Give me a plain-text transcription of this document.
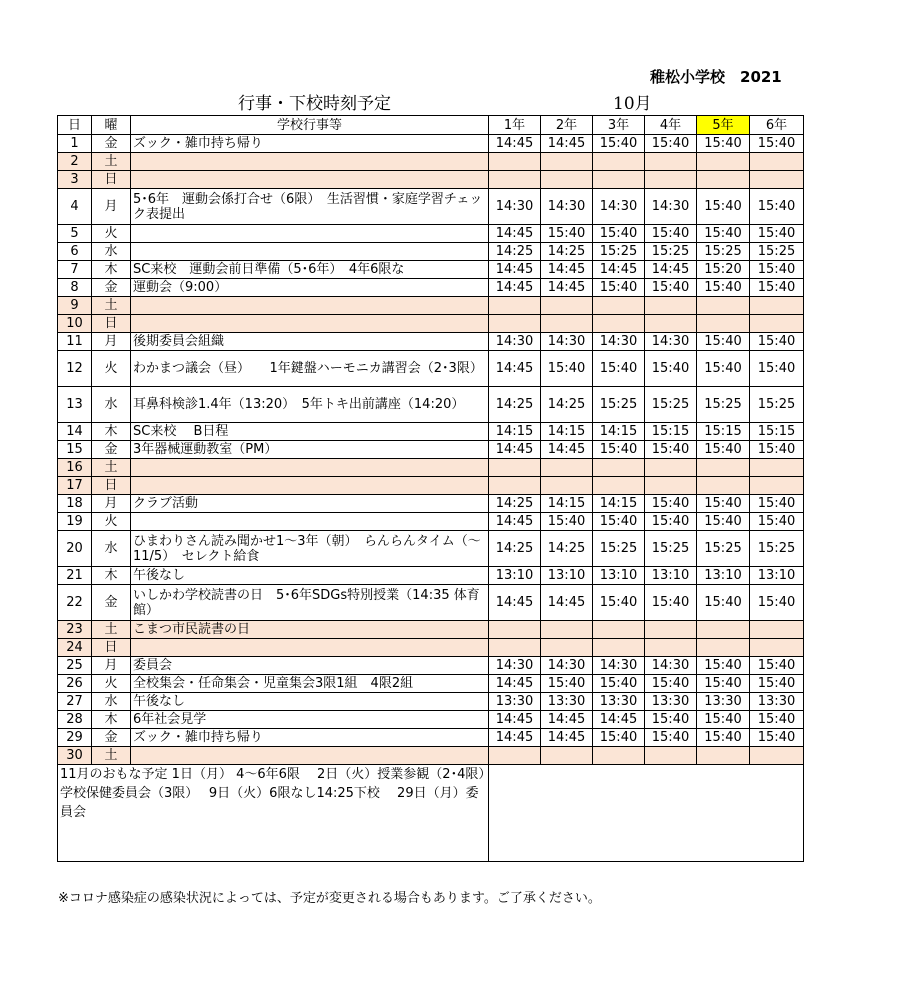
稚松小学校　2021
行事・下校時刻予定	10月
日	曜	学校行事等	1年	2年	3年	4年	5年	6年
1	金	ズック・雑巾持ち帰り	14:45	14:45	15:40	15:40	15:40	15:40
2	土							
3	日							
4	月	5･6年　運動会係打合せ（6限）　生活習慣・家庭学習チェック表提出	14:30	14:30	14:30	14:30	15:40	15:40
5	火		14:45	15:40	15:40	15:40	15:40	15:40
6	水		14:25	14:25	15:25	15:25	15:25	15:25
7	木	SC来校　運動会前日準備（5･6年）　4年6限な	14:45	14:45	14:45	14:45	15:20	15:40
8	金	運動会（9:00）	14:45	14:45	15:40	15:40	15:40	15:40
9	土							
10	日							
11	月	後期委員会組織	14:30	14:30	14:30	14:30	15:40	15:40
12	火	わかまつ議会（昼）　　1年鍵盤ハーモニカ講習会（2･3限）	14:45	15:40	15:40	15:40	15:40	15:40
13	水	耳鼻科検診1.4年（13:20）　5年トキ出前講座（14:20）	14:25	14:25	15:25	15:25	15:25	15:25
14	木	SC来校　 B日程	14:15	14:15	14:15	15:15	15:15	15:15
15	金	3年器械運動教室（PM）	14:45	14:45	15:40	15:40	15:40	15:40
16	土							
17	日							
18	月	クラブ活動	14:25	14:15	14:15	15:40	15:40	15:40
19	火		14:45	15:40	15:40	15:40	15:40	15:40
20	水	ひまわりさん読み聞かせ1～3年（朝）　らんらんタイム（～11/5）　セレクト給食	14:25	14:25	15:25	15:25	15:25	15:25
21	木	午後なし	13:10	13:10	13:10	13:10	13:10	13:10
22	金	いしかわ学校読書の日　5･6年SDGs特別授業（14:35 体育館）	14:45	14:45	15:40	15:40	15:40	15:40
23	土	こまつ市民読書の日						
24	日							
25	月	委員会	14:30	14:30	14:30	14:30	15:40	15:40
26	火	全校集会・任命集会・児童集会3限1組　4限2組	14:45	15:40	15:40	15:40	15:40	15:40
27	水	午後なし	13:30	13:30	13:30	13:30	13:30	13:30
28	木	6年社会見学	14:45	14:45	14:45	15:40	15:40	15:40
29	金	ズック・雑巾持ち帰り	14:45	14:45	15:40	15:40	15:40	15:40
30	土							
11月のおもな予定 1日（月） 4～6年6限　 2日（火）授業参観（2･4限）学校保健委員会（3限）　 9日（火）6限なし14:25下校　 29日（月）委員会								
※コロナ感染症の感染状況によっては、予定が変更される場合もあります。ご了承ください。
